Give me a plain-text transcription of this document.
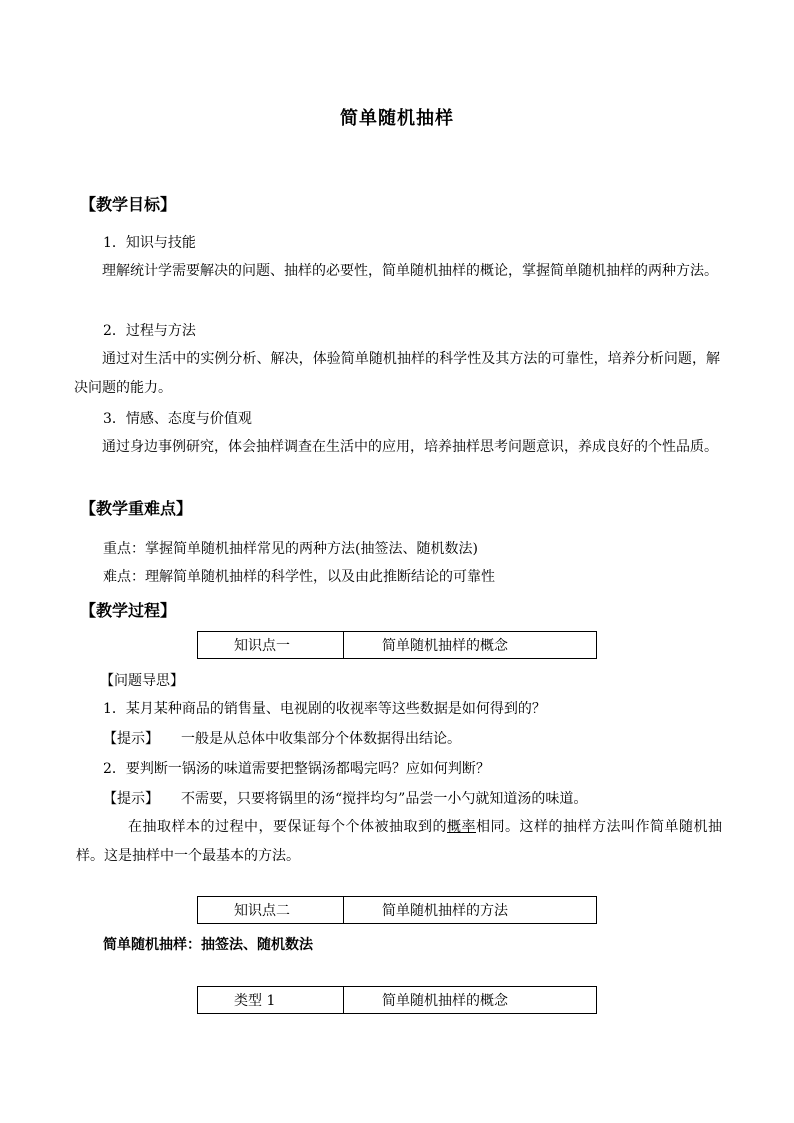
简单随机抽样
【教学目标】
1．知识与技能
理解统计学需要解决的问题、抽样的必要性，简单随机抽样的概论，掌握简单随机抽样的两种方法。
2．过程与方法
通过对生活中的实例分析、解决，体验简单随机抽样的科学性及其方法的可靠性，培养分析问题，解决问题的能力。
3．情感、态度与价值观
通过身边事例研究，体会抽样调查在生活中的应用，培养抽样思考问题意识，养成良好的个性品质。
【教学重难点】
重点：掌握简单随机抽样常见的两种方法(抽签法、随机数法)
难点：理解简单随机抽样的科学性，以及由此推断结论的可靠性
【教学过程】
知识点一	简单随机抽样的概念
【问题导思】
1．某月某种商品的销售量、电视剧的收视率等这些数据是如何得到的？
【提示】 一般是从总体中收集部分个体数据得出结论。
2．要判断一锅汤的味道需要把整锅汤都喝完吗？应如何判断？
【提示】 不需要，只要将锅里的汤“搅拌均匀”品尝一小勺就知道汤的味道。
在抽取样本的过程中，要保证每个个体被抽取到的概率相同。这样的抽样方法叫作简单随机抽样。这是抽样中一个最基本的方法。
知识点二	简单随机抽样的方法
简单随机抽样：抽签法、随机数法
类型 1	简单随机抽样的概念
